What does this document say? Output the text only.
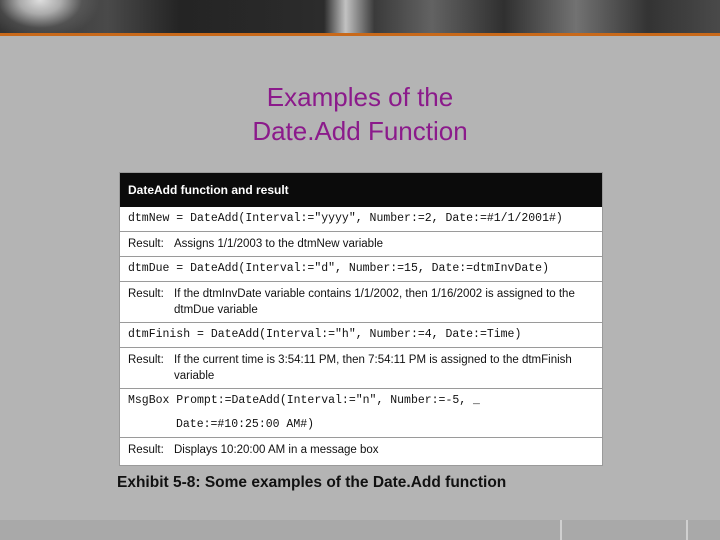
Examples of the
Date.Add Function
DateAdd function and result
dtmNew = DateAdd(Interval:="yyyy", Number:=2, Date:=#1/1/2001#)
Result: Assigns 1/1/2003 to the dtmNew variable
dtmDue = DateAdd(Interval:="d", Number:=15, Date:=dtmInvDate)
Result: If the dtmInvDate variable contains 1/1/2002, then 1/16/2002 is assigned to the dtmDue variable
dtmFinish = DateAdd(Interval:="h", Number:=4, Date:=Time)
Result: If the current time is 3:54:11 PM, then 7:54:11 PM is assigned to the dtmFinish variable
MsgBox Prompt:=DateAdd(Interval:="n", Number:=-5, _
Date:=#10:25:00 AM#)
Result: Displays 10:20:00 AM in a message box
Exhibit 5-8: Some examples of the Date.Add function
